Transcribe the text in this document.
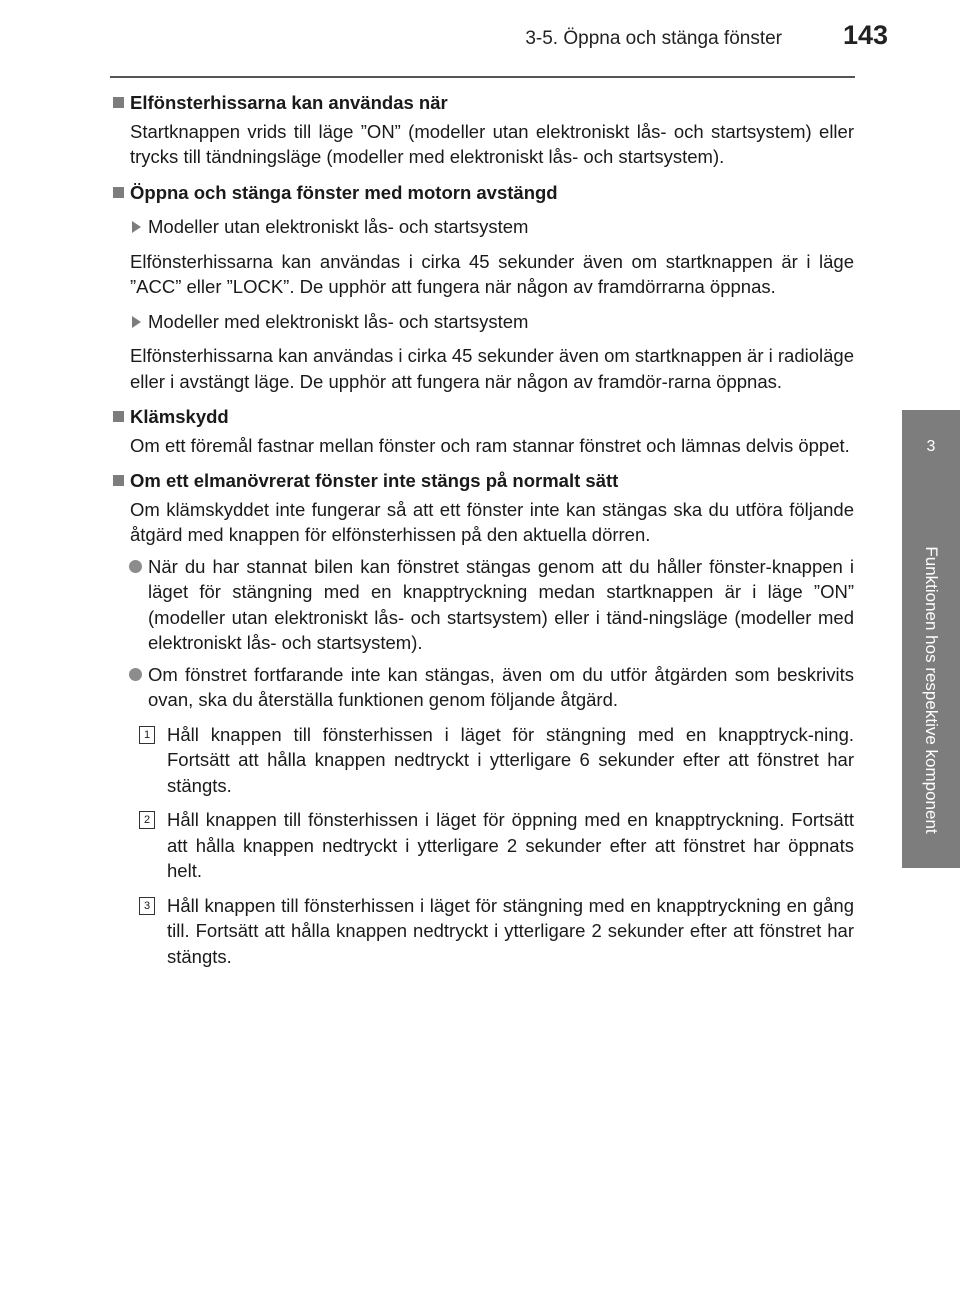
3-5. Öppna och stänga fönster	143
3
Funktionen hos respektive komponent
Elfönsterhissarna kan användas när
Startknappen vrids till läge ”ON” (modeller utan elektroniskt lås- och startsystem) eller trycks till tändningsläge (modeller med elektroniskt lås- och startsystem).
Öppna och stänga fönster med motorn avstängd
Modeller utan elektroniskt lås- och startsystem
Elfönsterhissarna kan användas i cirka 45 sekunder även om startknappen är i läge ”ACC” eller ”LOCK”. De upphör att fungera när någon av framdörrarna öppnas.
Modeller med elektroniskt lås- och startsystem
Elfönsterhissarna kan användas i cirka 45 sekunder även om startknappen är i radioläge eller i avstängt läge. De upphör att fungera när någon av framdör-rarna öppnas.
Klämskydd
Om ett föremål fastnar mellan fönster och ram stannar fönstret och lämnas delvis öppet.
Om ett elmanövrerat fönster inte stängs på normalt sätt
Om klämskyddet inte fungerar så att ett fönster inte kan stängas ska du utföra följande åtgärd med knappen för elfönsterhissen på den aktuella dörren.
När du har stannat bilen kan fönstret stängas genom att du håller fönster-knappen i läget för stängning med en knapptryckning medan startknappen är i läge ”ON” (modeller utan elektroniskt lås- och startsystem) eller i tänd-ningsläge (modeller med elektroniskt lås- och startsystem).
Om fönstret fortfarande inte kan stängas, även om du utför åtgärden som beskrivits ovan, ska du återställa funktionen genom följande åtgärd.
1 Håll knappen till fönsterhissen i läget för stängning med en knapptryck-ning. Fortsätt att hålla knappen nedtryckt i ytterligare 6 sekunder efter att fönstret har stängts.
2 Håll knappen till fönsterhissen i läget för öppning med en knapptryckning. Fortsätt att hålla knappen nedtryckt i ytterligare 2 sekunder efter att fönstret har öppnats helt.
3 Håll knappen till fönsterhissen i läget för stängning med en knapptryckning en gång till. Fortsätt att hålla knappen nedtryckt i ytterligare 2 sekunder efter att fönstret har stängts.
